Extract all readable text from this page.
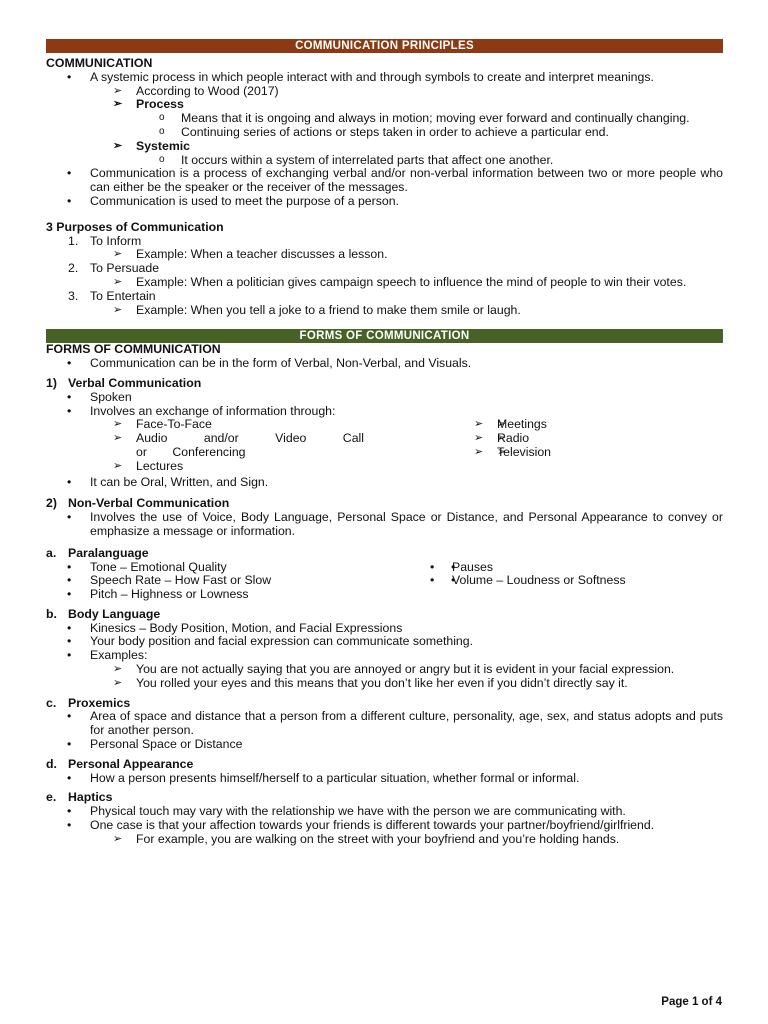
COMMUNICATION PRINCIPLES
COMMUNICATION
• A systemic process in which people interact with and through symbols to create and interpret meanings.
➢ According to Wood (2017)
➢ Process
o Means that it is ongoing and always in motion; moving ever forward and continually changing.
o Continuing series of actions or steps taken in order to achieve a particular end.
➢ Systemic
o It occurs within a system of interrelated parts that affect one another.
• Communication is a process of exchanging verbal and/or non-verbal information between two or more people who can either be the speaker or the receiver of the messages.
• Communication is used to meet the purpose of a person.
3 Purposes of Communication
1. To Inform
➢ Example: When a teacher discusses a lesson.
2. To Persuade
➢ Example: When a politician gives campaign speech to influence the mind of people to win their votes.
3. To Entertain
➢ Example: When you tell a joke to a friend to make them smile or laugh.
FORMS OF COMMUNICATION
FORMS OF COMMUNICATION
• Communication can be in the form of Verbal, Non-Verbal, and Visuals.
1) Verbal Communication
• Spoken
• Involves an exchange of information through:
➢ Face-To-Face
➢ Audio and/or Video Call or Conferencing
➢ Lectures
➢ ➢ Meetings
➢ ➢ Radio
➢ ➢ Television
• It can be Oral, Written, and Sign.
2) Non-Verbal Communication
• Involves the use of Voice, Body Language, Personal Space or Distance, and Personal Appearance to convey or emphasize a message or information.
a. Paralanguage
• Tone – Emotional Quality
• Speech Rate – How Fast or Slow
• Pitch – Highness or Lowness
• • Pauses
• • Volume – Loudness or Softness
b. Body Language
• Kinesics – Body Position, Motion, and Facial Expressions
• Your body position and facial expression can communicate something.
• Examples:
➢ You are not actually saying that you are annoyed or angry but it is evident in your facial expression.
➢ You rolled your eyes and this means that you don’t like her even if you didn’t directly say it.
c. Proxemics
• Area of space and distance that a person from a different culture, personality, age, sex, and status adopts and puts for another person.
• Personal Space or Distance
d. Personal Appearance
• How a person presents himself/herself to a particular situation, whether formal or informal.
e. Haptics
• Physical touch may vary with the relationship we have with the person we are communicating with.
• One case is that your affection towards your friends is different towards your partner/boyfriend/girlfriend.
➢ For example, you are walking on the street with your boyfriend and you’re holding hands.
Page 1 of 4
